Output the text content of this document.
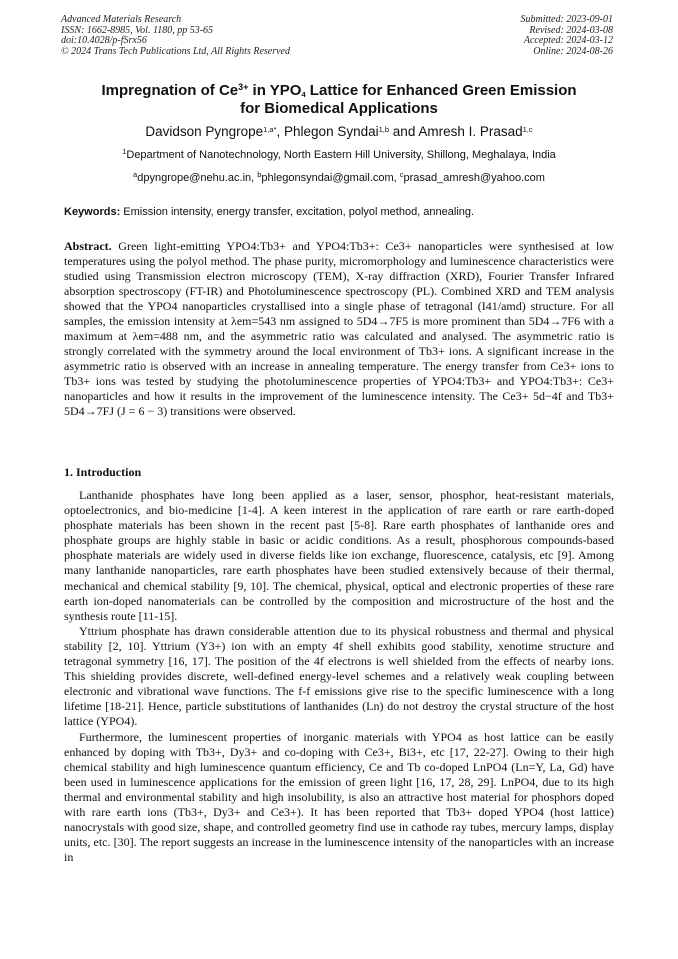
Advanced Materials Research
ISSN: 1662-8985, Vol. 1180, pp 53-65
doi:10.4028/p-fSrx56
© 2024 Trans Tech Publications Ltd, All Rights Reserved
Submitted: 2023-09-01
Revised: 2024-03-08
Accepted: 2024-03-12
Online: 2024-08-26
Impregnation of $Ce^{3+}$ in $YPO_4$ Lattice for Enhanced Green Emission
for Biomedical Applications
Davidson Pyngrope$^{1,a*}$, Phlegon Syndai$^{1,b}$ and Amresh I. Prasad$^{1,c}$
$^1$Department of Nanotechnology, North Eastern Hill University, Shillong, Meghalaya, India
$^a$dpyngrope@nehu.ac.in, $^b$phlegonsyndai@gmail.com, $^c$prasad_amresh@yahoo.com
Keywords: Emission intensity, energy transfer, excitation, polyol method, annealing.
Abstract. Green light-emitting YPO4:Tb3+ and YPO4:Tb3+: Ce3+ nanoparticles were synthesised at low temperatures using the polyol method. The phase purity, micromorphology and luminescence characteristics were studied using Transmission electron microscopy (TEM), X-ray diffraction (XRD), Fourier Transfer Infrared absorption spectroscopy (FT-IR) and Photoluminescence spectroscopy (PL). Combined XRD and TEM analysis showed that the YPO4 nanoparticles crystallised into a single phase of tetragonal (I41/amd) structure. For all samples, the emission intensity at λem=543 nm assigned to 5D4→7F5 is more prominent than 5D4→7F6 with a maximum at λem=488 nm, and the asymmetric ratio was calculated and analysed. The asymmetric ratio is strongly correlated with the symmetry around the local environment of Tb3+ ions. A significant increase in the asymmetric ratio is observed with an increase in annealing temperature. The energy transfer from Ce3+ ions to Tb3+ ions was tested by studying the photoluminescence properties of YPO4:Tb3+ and YPO4:Tb3+: Ce3+ nanoparticles and how it results in the improvement of the luminescence intensity. The Ce3+ 5d−4f and Tb3+ 5D4→7FJ (J = 6 − 3) transitions were observed.
1. Introduction

Lanthanide phosphates have long been applied as a laser, sensor, phosphor, heat-resistant materials, optoelectronics, and bio-medicine [1-4]. A keen interest in the application of rare earth or rare earth-doped phosphate materials has been shown in the recent past [5-8]. Rare earth phosphates of lanthanide ores and phosphate groups are highly stable in basic or acidic conditions. As a result, phosphorous compounds-based phosphate materials are widely used in diverse fields like ion exchange, fluorescence, catalysis, etc [9]. Among many lanthanide nanoparticles, rare earth phosphates have been studied extensively because of their thermal, mechanical and chemical stability [9, 10]. The chemical, physical, optical and electronic properties of these rare earth ion-doped nanomaterials can be controlled by the composition and microstructure of the host and the synthesis route [11-15].

Yttrium phosphate has drawn considerable attention due to its physical robustness and thermal and physical stability [2, 10]. Yttrium (Y3+) ion with an empty 4f shell exhibits good stability, xenotime structure and tetragonal symmetry [16, 17]. The position of the 4f electrons is well shielded from the effects of nearby ions. This shielding provides discrete, well-defined energy-level schemes and a relatively weak coupling between electronic and vibrational wave functions. The f-f emissions give rise to the specific luminescence with a long lifetime [18-21]. Hence, particle substitutions of lanthanides (Ln) do not destroy the crystal structure of the host lattice (YPO4).

Furthermore, the luminescent properties of inorganic materials with YPO4 as host lattice can be easily enhanced by doping with Tb3+, Dy3+ and co-doping with Ce3+, Bi3+, etc [17, 22-27]. Owing to their high chemical stability and high luminescence quantum efficiency, Ce and Tb co-doped LnPO4 (Ln=Y, La, Gd) have been used in luminescence applications for the emission of green light [16, 17, 28, 29]. LnPO4, due to its high thermal and environmental stability and high insolubility, is also an attractive host material for phosphors doped with rare earth ions (Tb3+, Dy3+ and Ce3+). It has been reported that Tb3+ doped YPO4 (host lattice) nanocrystals with good size, shape, and controlled geometry find use in cathode ray tubes, mercury lamps, display units, etc. [30]. The report suggests an increase in the luminescence intensity of the nanoparticles with an increase in
